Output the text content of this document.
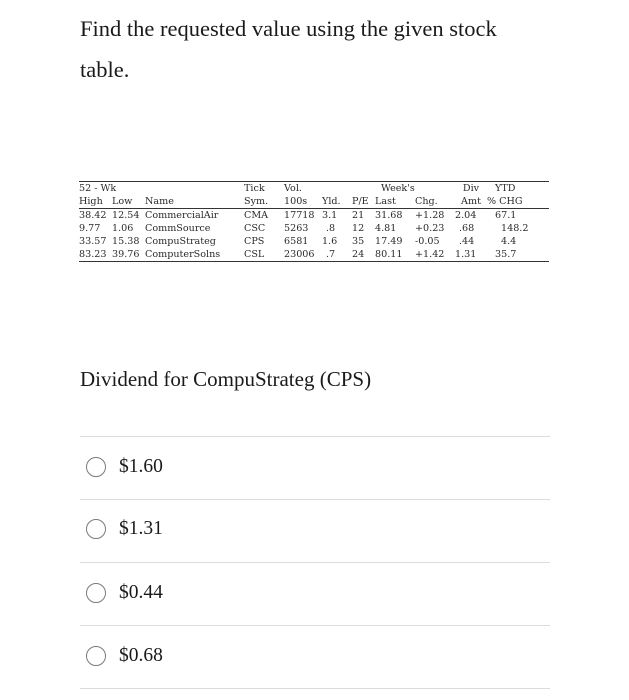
Find the requested value using the given stock table.
52 - Wk			Tick	Vol.			Week's		Div	YTD
High	Low	Name	Sym.	100s	Yld.	P/E	Last	Chg.	Amt	% CHG
38.42	12.54	CommercialAir	CMA	17718	3.1	21	31.68	+1.28	2.04	67.1
9.77	1.06	CommSource	CSC	5263	.8	12	4.81	+0.23	.68	148.2
33.57	15.38	CompuStrateg	CPS	6581	1.6	35	17.49	-0.05	.44	4.4
83.23	39.76	ComputerSolns	CSL	23006	.7	24	80.11	+1.42	1.31	35.7
Dividend for CompuStrateg (CPS)
$1.60
$1.31
$0.44
$0.68
